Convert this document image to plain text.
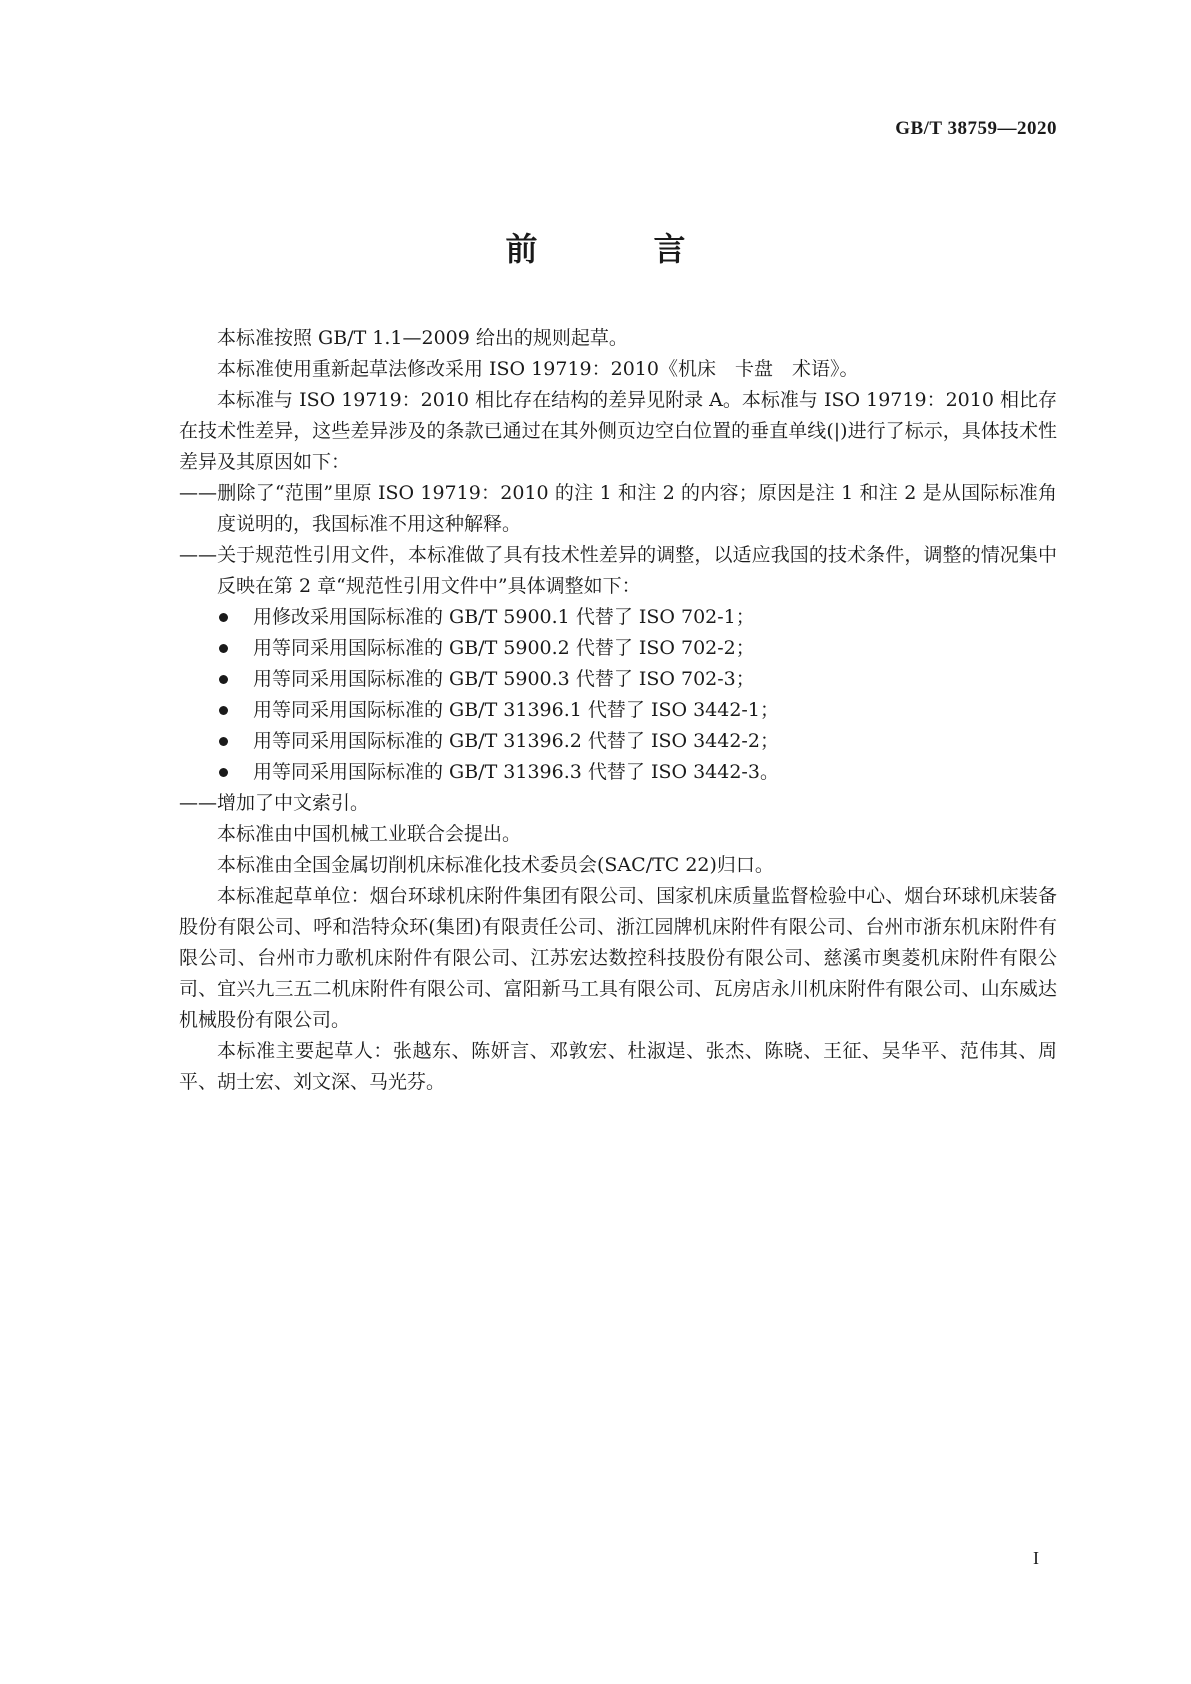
GB/T 38759—2020
前　言

本标准按照 GB/T 1.1—2009 给出的规则起草。

本标准使用重新起草法修改采用 ISO 19719：2010《机床　卡盘　术语》。

本标准与 ISO 19719：2010 相比存在结构的差异见附录 A。本标准与 ISO 19719：2010 相比存在技术性差异，这些差异涉及的条款已通过在其外侧页边空白位置的垂直单线(|)进行了标示，具体技术性差异及其原因如下：

——删除了“范围”里原 ISO 19719：2010 的注 1 和注 2 的内容；原因是注 1 和注 2 是从国际标准角度说明的，我国标准不用这种解释。

——关于规范性引用文件，本标准做了具有技术性差异的调整，以适应我国的技术条件，调整的情况集中反映在第 2 章“规范性引用文件中”具体调整如下：

用修改采用国际标准的 GB/T 5900.1 代替了 ISO 702-1；
用等同采用国际标准的 GB/T 5900.2 代替了 ISO 702-2；
用等同采用国际标准的 GB/T 5900.3 代替了 ISO 702-3；
用等同采用国际标准的 GB/T 31396.1 代替了 ISO 3442-1；
用等同采用国际标准的 GB/T 31396.2 代替了 ISO 3442-2；
用等同采用国际标准的 GB/T 31396.3 代替了 ISO 3442-3。

——增加了中文索引。

本标准由中国机械工业联合会提出。

本标准由全国金属切削机床标准化技术委员会(SAC/TC 22)归口。

本标准起草单位：烟台环球机床附件集团有限公司、国家机床质量监督检验中心、烟台环球机床装备股份有限公司、呼和浩特众环(集团)有限责任公司、浙江园牌机床附件有限公司、台州市浙东机床附件有限公司、台州市力歌机床附件有限公司、江苏宏达数控科技股份有限公司、慈溪市奥菱机床附件有限公司、宜兴九三五二机床附件有限公司、富阳新马工具有限公司、瓦房店永川机床附件有限公司、山东威达机械股份有限公司。

本标准主要起草人：张越东、陈妍言、邓敦宏、杜淑逞、张杰、陈晓、王征、吴华平、范伟其、周平、胡士宏、刘文深、马光芬。

I
